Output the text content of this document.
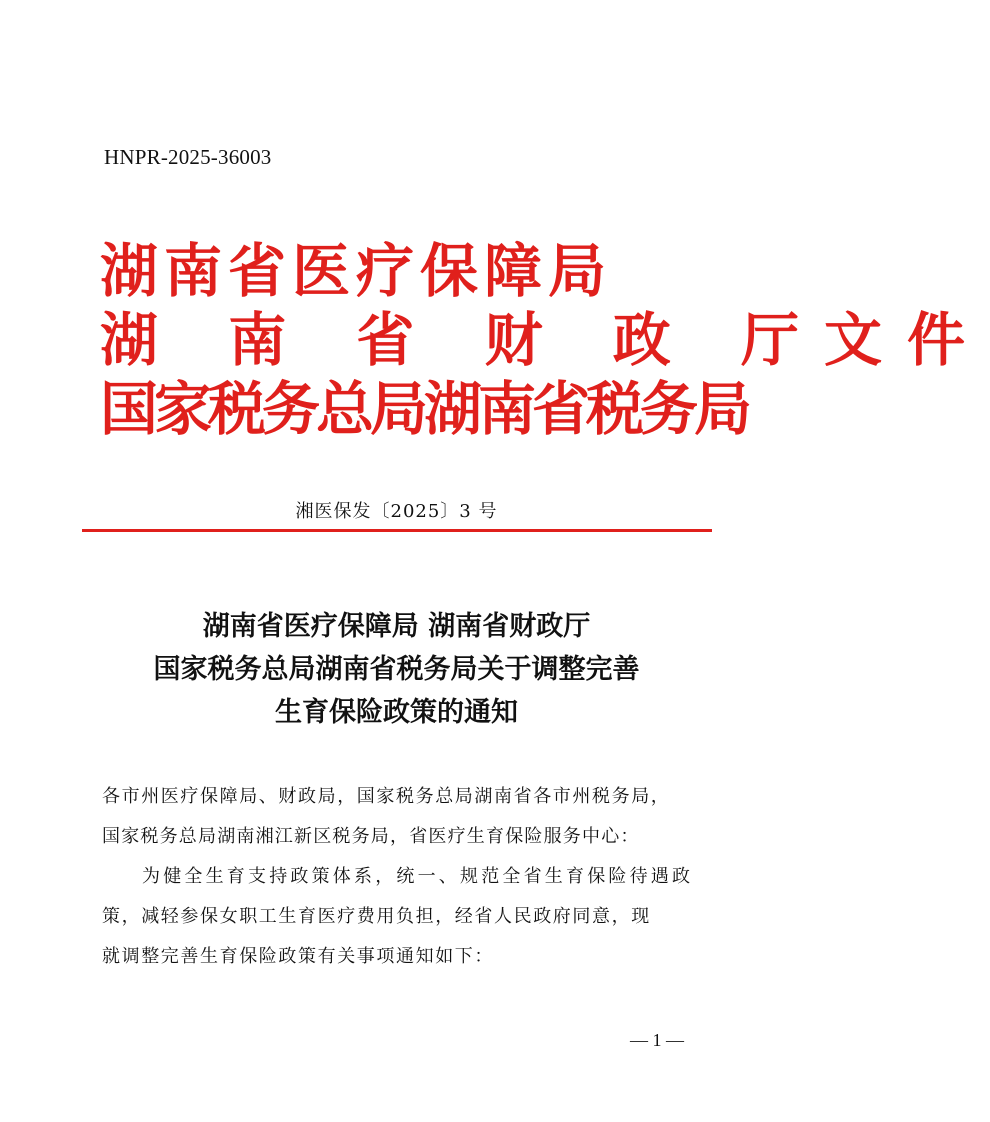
HNPR-2025-36003
湖南省医疗保障局
湖 南 省 财 政 厅文件
国家税务总局湖南省税务局
湘医保发〔2025〕3 号
湖南省医疗保障局 湖南省财政厅
国家税务总局湖南省税务局关于调整完善
生育保险政策的通知
各市州医疗保障局、财政局，国家税务总局湖南省各市州税务局，
国家税务总局湖南湘江新区税务局，省医疗生育保险服务中心：
为健全生育支持政策体系，统一、规范全省生育保险待遇政
策，减轻参保女职工生育医疗费用负担，经省人民政府同意，现
就调整完善生育保险政策有关事项通知如下：
— 1 —
